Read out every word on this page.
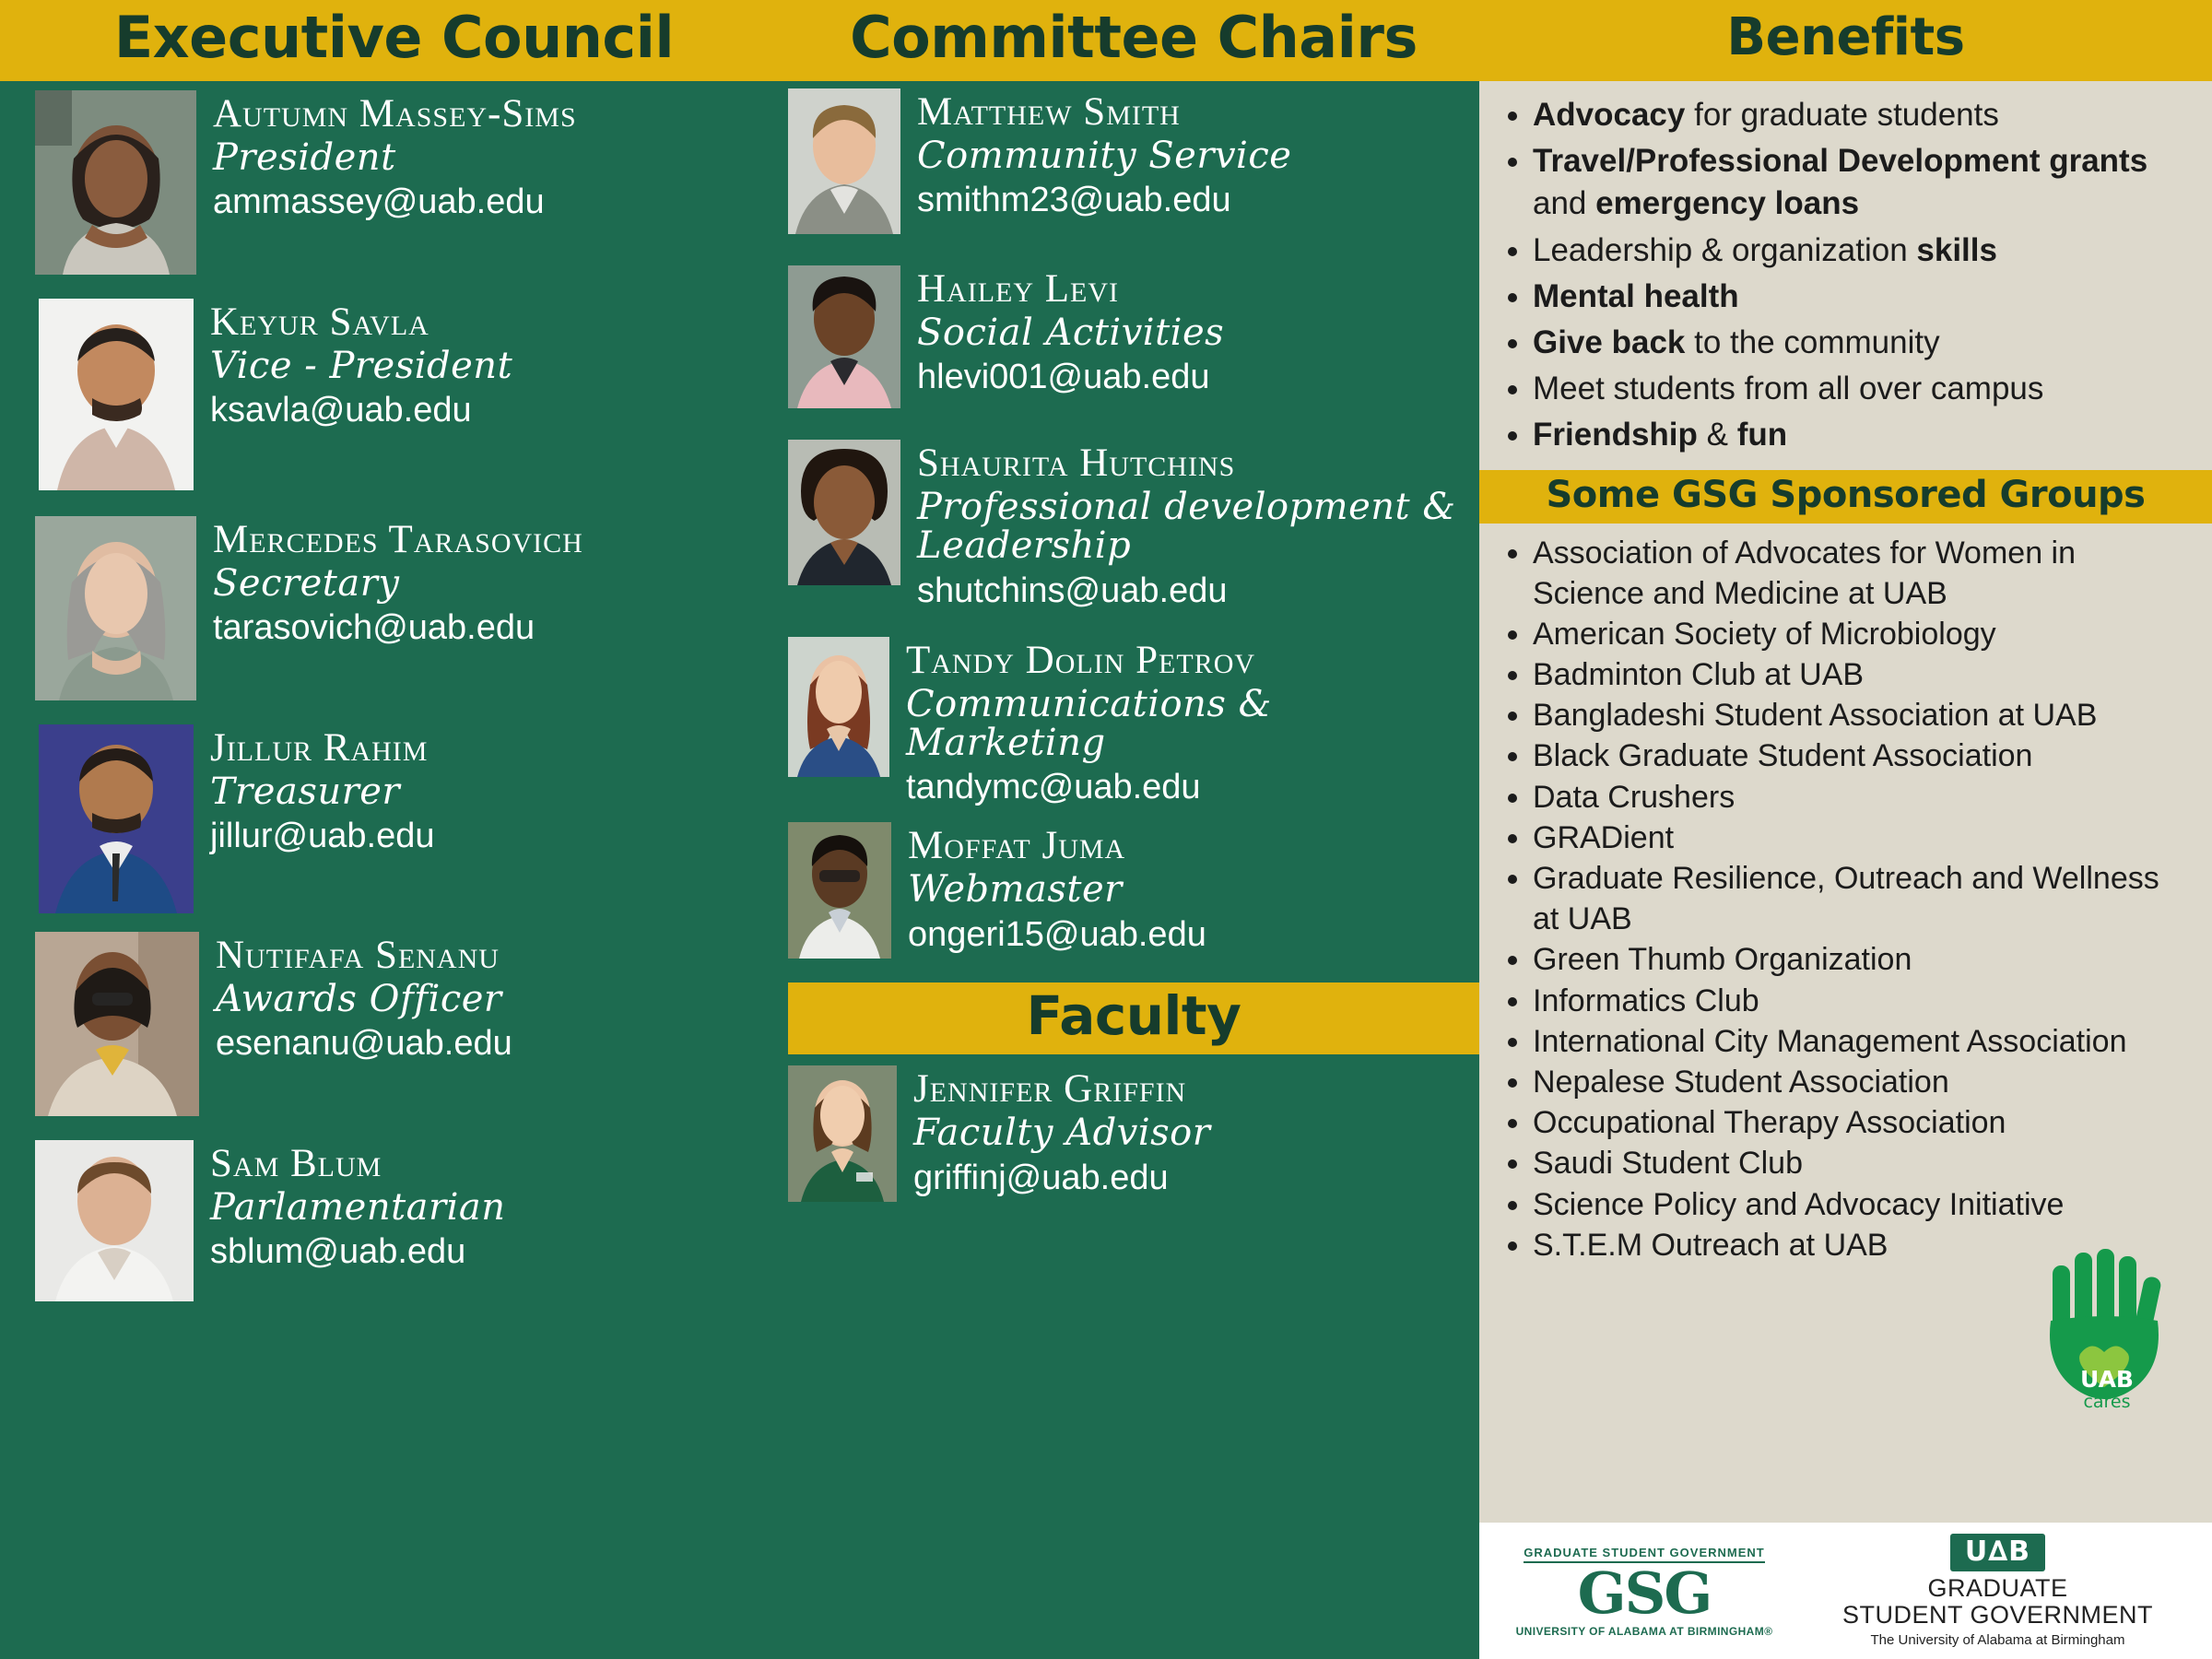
Executive Council
Autumn Massey-Sims
President
ammassey@uab.edu
Keyur Savla
Vice - President
ksavla@uab.edu
Mercedes Tarasovich
Secretary
tarasovich@uab.edu
Jillur Rahim
Treasurer
jillur@uab.edu
Nutifafa Senanu
Awards Officer
esenanu@uab.edu
Sam Blum
Parlamentarian
sblum@uab.edu
Committee Chairs
Matthew Smith
Community Service
smithm23@uab.edu
Hailey Levi
Social Activities
hlevi001@uab.edu
Shaurita Hutchins
Professional development & Leadership
shutchins@uab.edu
Tandy Dolin Petrov
Communications & Marketing
tandymc@uab.edu
Moffat Juma
Webmaster
ongeri15@uab.edu
Faculty
Jennifer Griffin
Faculty Advisor
griffinj@uab.edu
Benefits
• Advocacy for graduate students
• Travel/Professional Development grants and emergency loans
• Leadership & organization skills
• Mental health
• Give back to the community
• Meet students from all over campus
• Friendship & fun
Some GSG Sponsored Groups
• Association of Advocates for Women in Science and Medicine at UAB
• American Society of Microbiology
• Badminton Club at UAB
• Bangladeshi Student Association at UAB
• Black Graduate Student Association
• Data Crushers
• GRADient
• Graduate Resilience, Outreach and Wellness at UAB
• Green Thumb Organization
• Informatics Club
• International City Management Association
• Nepalese Student Association
• Occupational Therapy Association
• Saudi Student Club
• Science Policy and Advocacy Initiative
• S.T.E.M Outreach at UAB
UAB
cares
GRADUATE STUDENT GOVERNMENT
GSG
UNIVERSITY OF ALABAMA AT BIRMINGHAM®
U∆B
GRADUATE
STUDENT GOVERNMENT
The University of Alabama at Birmingham
